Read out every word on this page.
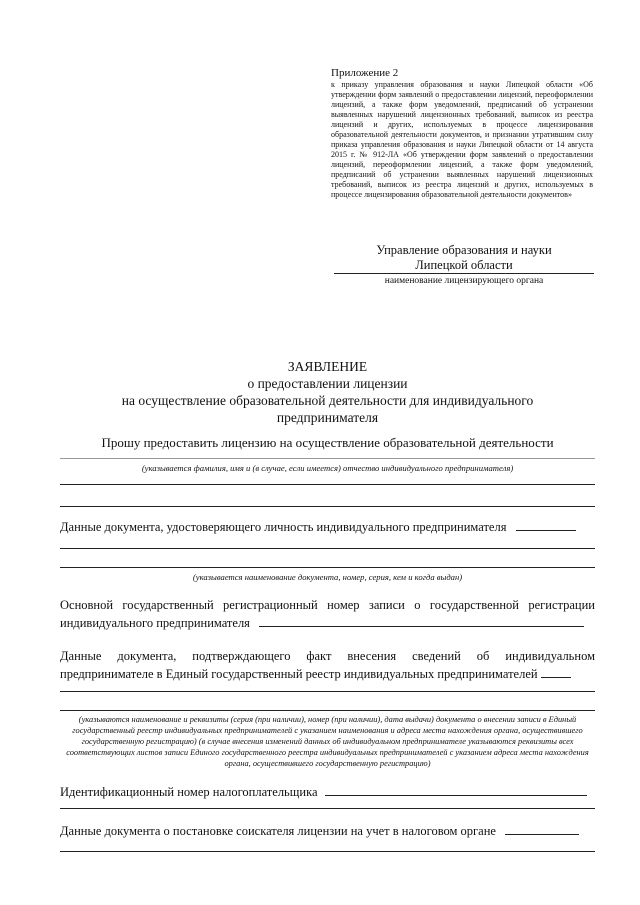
Приложение 2
к приказу управления образования и науки Липецкой области «Об утверждении форм заявлений о предоставлении лицензий, переоформлении лицензий, а также форм уведомлений, предписаний об устранении выявленных нарушений лицензионных требований, выписок из реестра лицензий и других, используемых в процессе лицензирования образовательной деятельности документов, и признании утратившим силу приказа управления образования и науки Липецкой области от 14 августа 2015 г. № 912-ЛА «Об утверждении форм заявлений о предоставлении лицензий, переоформлении лицензий, а также форм уведомлений, предписаний об устранении выявленных нарушений лицензионных требований, выписок из реестра лицензий и других, используемых в процессе лицензирования образовательной деятельности документов»
Управление образования и науки
Липецкой области
наименование лицензирующего органа
ЗАЯВЛЕНИЕ
о предоставлении лицензии
на осуществление образовательной деятельности для индивидуального
предпринимателя
Прошу предоставить лицензию на осуществление образовательной деятельности
(указывается фамилия, имя и (в случае, если имеется) отчество индивидуального предпринимателя)
Данные документа, удостоверяющего личность индивидуального предпринимателя
(указывается наименование документа, номер, серия, кем и когда выдан)
Основной государственный регистрационный номер записи о государственной регистрации
индивидуального предпринимателя
Данные документа, подтверждающего факт внесения сведений об индивидуальном
предпринимателе в Единый государственный реестр индивидуальных предпринимателей
(указываются наименование и реквизиты (серия (при наличии), номер (при наличии), дата выдачи) документа о внесении записи в Единый государственный реестр индивидуальных предпринимателей с указанием наименования и адреса места нахождения органа, осуществившего государственную регистрацию) (в случае внесения изменений данных об индивидуальном предпринимателе указываются реквизиты всех соответствующих листов записи Единого государственного реестра индивидуальных предпринимателей с указанием адреса места нахождения органа, осуществившего государственную регистрацию)
Идентификационный номер налогоплательщика
Данные документа о постановке соискателя лицензии на учет в налоговом органе
